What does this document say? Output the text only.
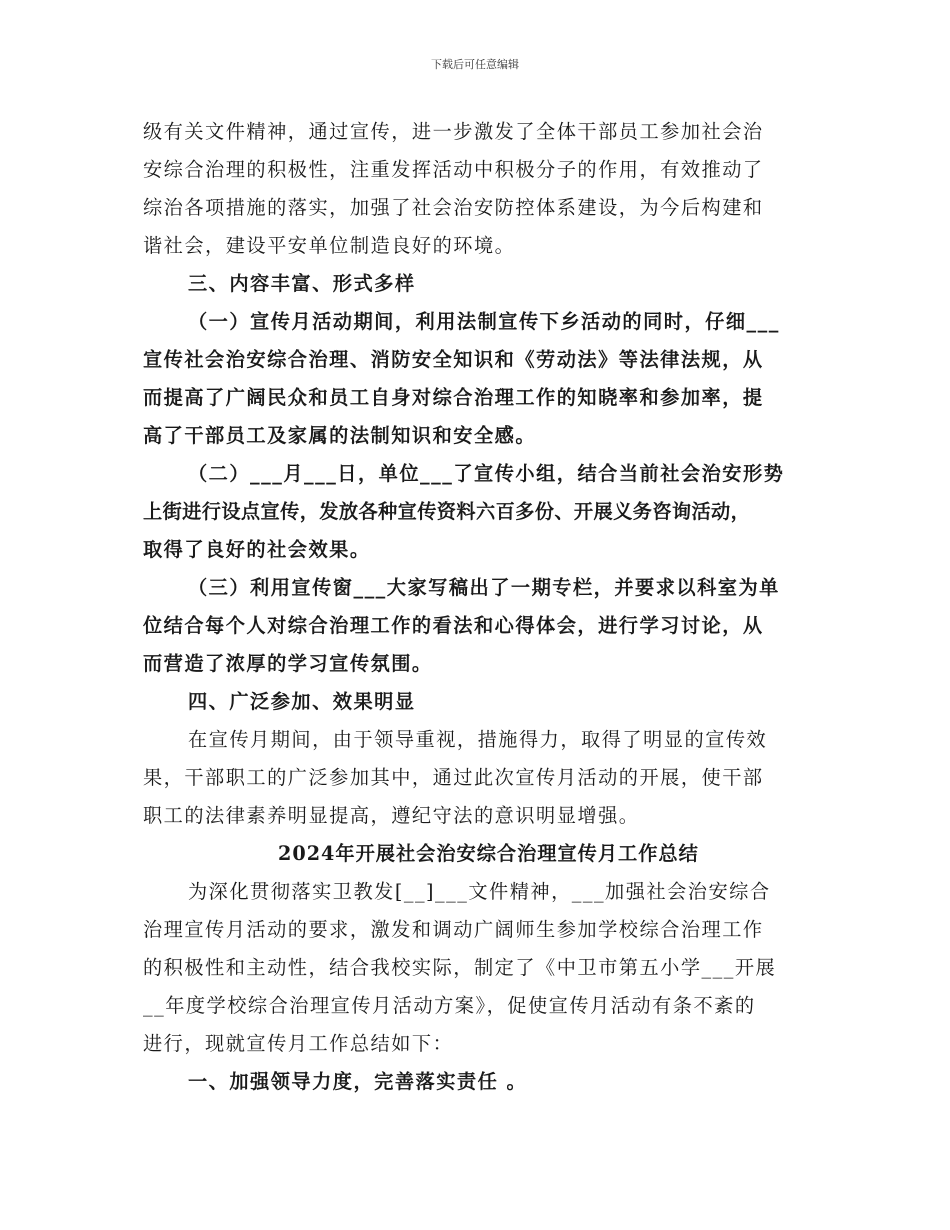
下载后可任意编辑
级有关文件精神，通过宣传，进一步激发了全体干部员工参加社会治
安综合治理的积极性，注重发挥活动中积极分子的作用，有效推动了
综治各项措施的落实，加强了社会治安防控体系建设，为今后构建和
谐社会，建设平安单位制造良好的环境。
三、内容丰富、形式多样
（一）宣传月活动期间，利用法制宣传下乡活动的同时，仔细___
宣传社会治安综合治理、消防安全知识和《劳动法》等法律法规，从
而提高了广阔民众和员工自身对综合治理工作的知晓率和参加率，提
高了干部员工及家属的法制知识和安全感。
（二）___月___日，单位___了宣传小组，结合当前社会治安形势
上街进行设点宣传，发放各种宣传资料六百多份、开展义务咨询活动，
取得了良好的社会效果。
（三）利用宣传窗___大家写稿出了一期专栏，并要求以科室为单
位结合每个人对综合治理工作的看法和心得体会，进行学习讨论，从
而营造了浓厚的学习宣传氛围。
四、广泛参加、效果明显
在宣传月期间，由于领导重视，措施得力，取得了明显的宣传效
果，干部职工的广泛参加其中，通过此次宣传月活动的开展，使干部
职工的法律素养明显提高，遵纪守法的意识明显增强。
2024年开展社会治安综合治理宣传月工作总结
为深化贯彻落实卫教发[__]___文件精神，___加强社会治安综合
治理宣传月活动的要求，激发和调动广阔师生参加学校综合治理工作
的积极性和主动性，结合我校实际，制定了《中卫市第五小学___开展
__年度学校综合治理宣传月活动方案》，促使宣传月活动有条不紊的
进行，现就宣传月工作总结如下：
一、加强领导力度，完善落实责任 。
